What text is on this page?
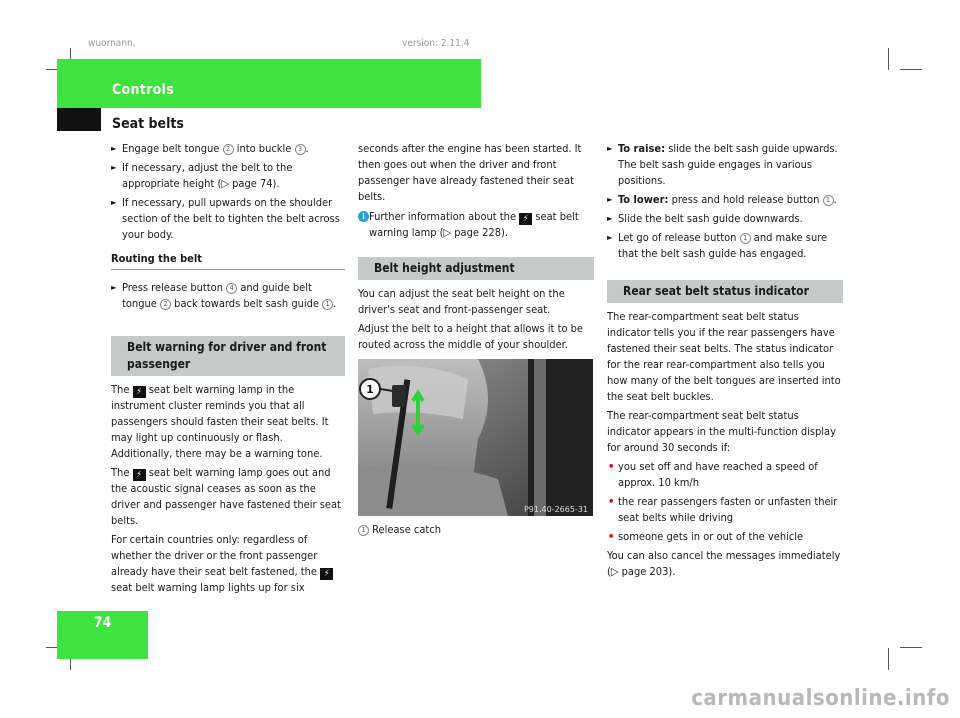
wuornann,	version: 2.11.4
Controls
Seat belts
► Engage belt tongue 2 into buckle 3 .
► If necessary, adjust the belt to the appropriate height (▷ page 74).
► If necessary, pull upwards on the shoulder section of the belt to tighten the belt across your body.
Routing the belt
► Press release button 4 and guide belt tongue 2 back towards belt sash guide 1 .
Belt warning for driver and front passenger

The ⚡ seat belt warning lamp in the instrument cluster reminds you that all passengers should fasten their seat belts. It may light up continuously or flash. Additionally, there may be a warning tone.

The ⚡ seat belt warning lamp goes out and the acoustic signal ceases as soon as the driver and passenger have fastened their seat belts.

For certain countries only: regardless of whether the driver or the front passenger already have their seat belt fastened, the ⚡ seat belt warning lamp lights up for six

seconds after the engine has been started. It then goes out when the driver and front passenger have already fastened their seat belts.

i Further information about the ⚡ seat belt warning lamp (▷ page 228).
Belt height adjustment

You can adjust the seat belt height on the driver's seat and front-passenger seat.

Adjust the belt to a height that allows it to be routed across the middle of your shoulder.

1
P91.40-2665-31

1 Release catch

► To raise: slide the belt sash guide upwards. The belt sash guide engages in various positions.
► To lower: press and hold release button 1 .
► Slide the belt sash guide downwards.
► Let go of release button 1 and make sure that the belt sash guide has engaged.
Rear seat belt status indicator

The rear-compartment seat belt status indicator tells you if the rear passengers have fastened their seat belts. The status indicator for the rear rear-compartment also tells you how many of the belt tongues are inserted into the seat belt buckles.

The rear-compartment seat belt status indicator appears in the multi-function display for around 30 seconds if:

• you set off and have reached a speed of approx. 10 km/h
• the rear passengers fasten or unfasten their seat belts while driving
• someone gets in or out of the vehicle

You can also cancel the messages immediately (▷ page 203).

74
carmanualsonline.info
